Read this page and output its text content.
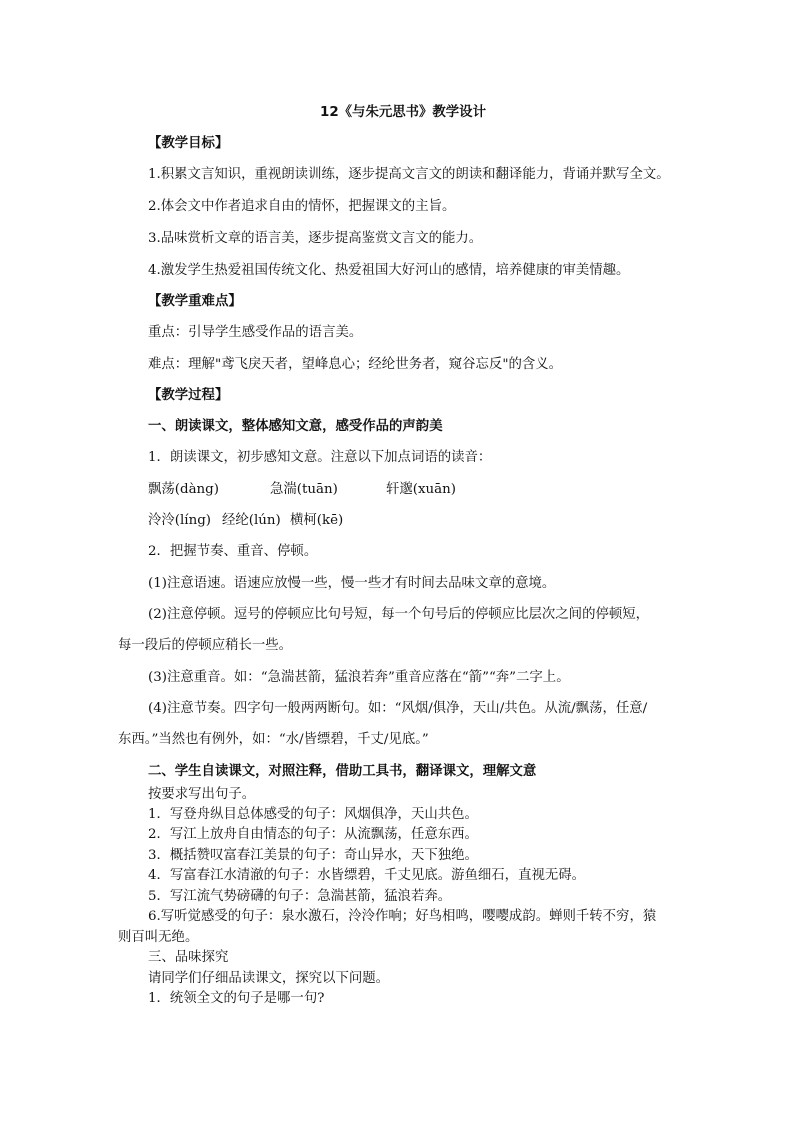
12《与朱元思书》教学设计
【教学目标】
1.积累文言知识，重视朗读训练，逐步提高文言文的朗读和翻译能力，背诵并默写全文。
2.体会文中作者追求自由的情怀，把握课文的主旨。
3.品味赏析文章的语言美，逐步提高鉴赏文言文的能力。
4.激发学生热爱祖国传统文化、热爱祖国大好河山的感情，培养健康的审美情趣。
【教学重难点】
重点：引导学生感受作品的语言美。
难点：理解"鸢飞戾天者，望峰息心；经纶世务者，窥谷忘反"的含义。
【教学过程】
一、朗读课文，整体感知文意，感受作品的声韵美
1．朗读课文，初步感知文意。注意以下加点词语的读音：
飘荡(dàng)	急湍(tuān)	轩邈(xuān)
泠泠(líng) 经纶(lún) 横柯(kē)
2．把握节奏、重音、停顿。
(1)注意语速。语速应放慢一些，慢一些才有时间去品味文章的意境。
(2)注意停顿。逗号的停顿应比句号短，每一个句号后的停顿应比层次之间的停顿短，
每一段后的停顿应稍长一些。
(3)注意重音。如：“急湍甚箭，猛浪若奔”重音应落在“箭”“奔”二字上。
(4)注意节奏。四字句一般两两断句。如：“风烟/俱净，天山/共色。从流/飘荡，任意/
东西。”当然也有例外，如：“水/皆缥碧，千丈/见底。”
二、学生自读课文，对照注释，借助工具书，翻译课文，理解文意
按要求写出句子。
1．写登舟纵目总体感受的句子：风烟俱净，天山共色。
2．写江上放舟自由情态的句子：从流飘荡，任意东西。
3．概括赞叹富春江美景的句子：奇山异水，天下独绝。
4．写富春江水清澈的句子：水皆缥碧，千丈见底。游鱼细石，直视无碍。
5．写江流气势磅礴的句子：急湍甚箭，猛浪若奔。
6.写听觉感受的句子：泉水激石，泠泠作响；好鸟相鸣，嘤嘤成韵。蝉则千转不穷，猿
则百叫无绝。
三、品味探究
请同学们仔细品读课文，探究以下问题。
1．统领全文的句子是哪一句?
